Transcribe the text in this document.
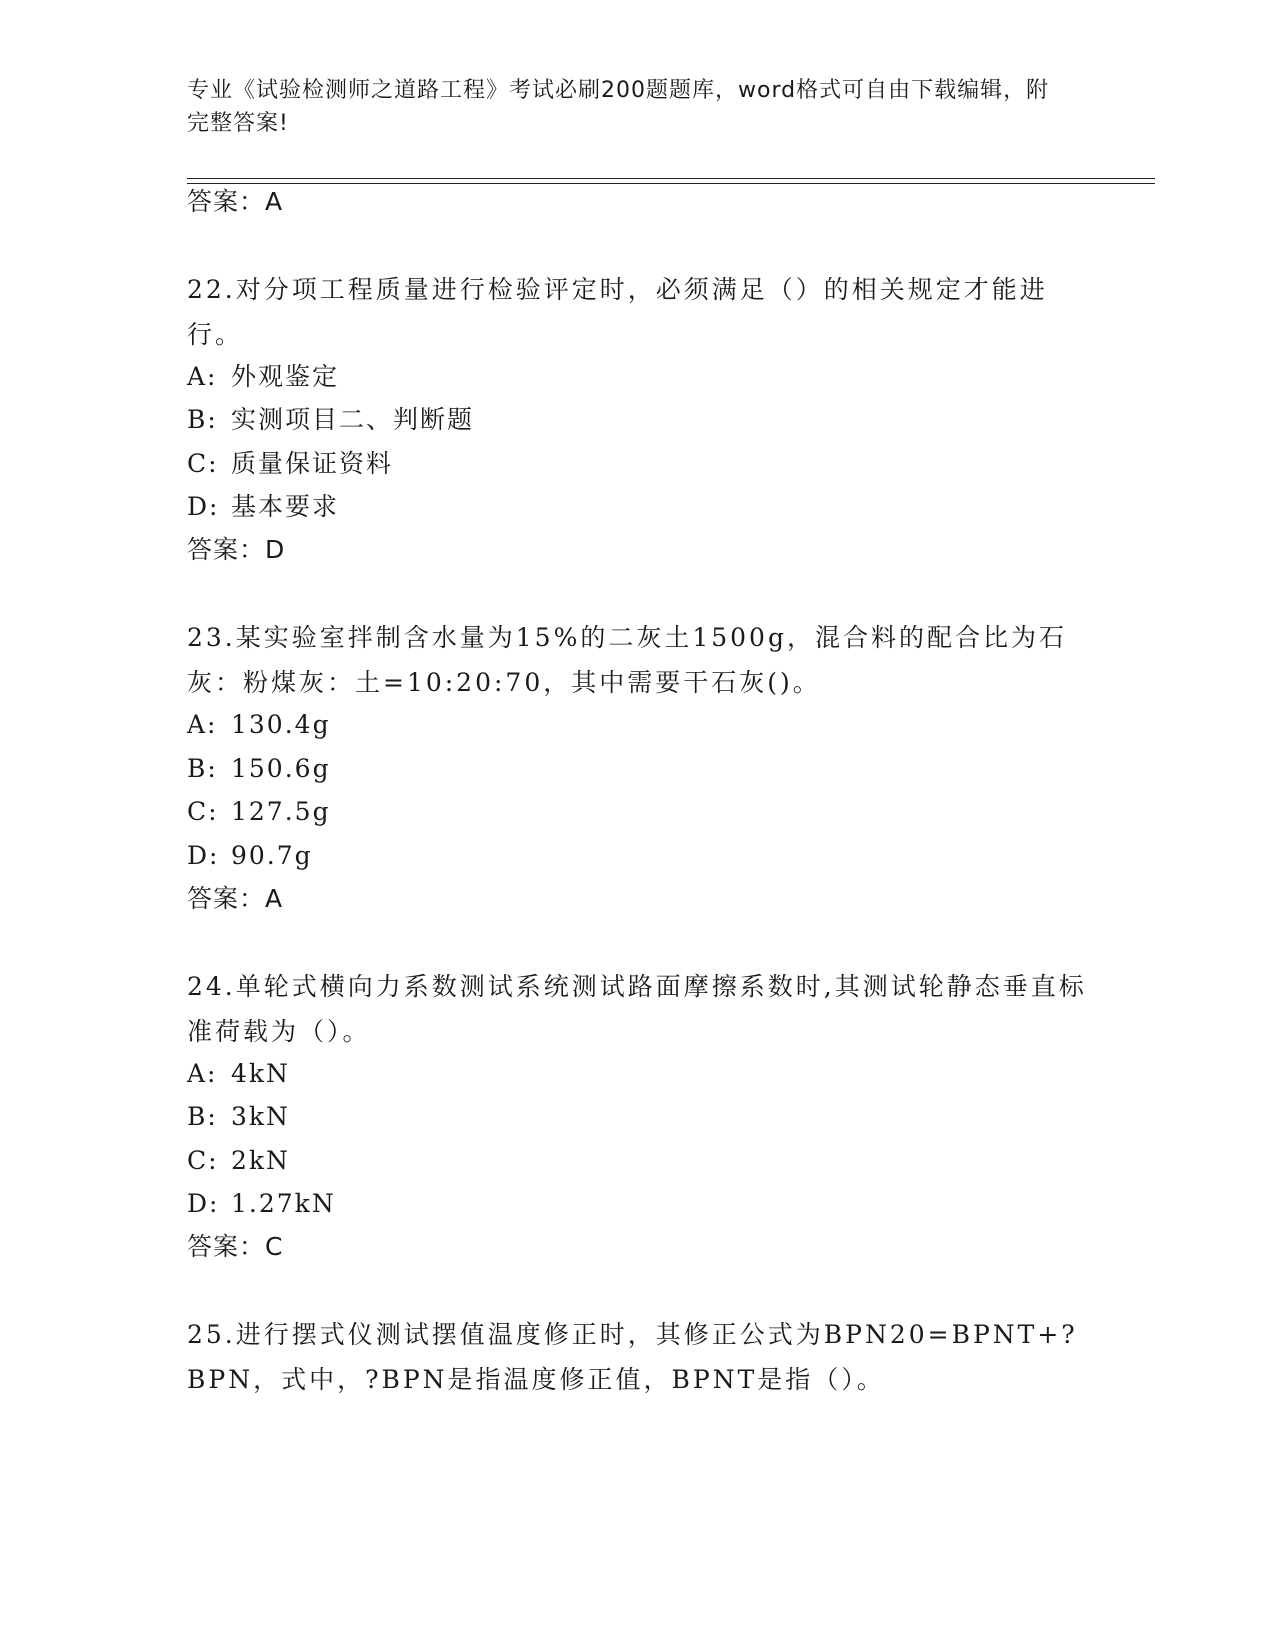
专业《试验检测师之道路工程》考试必刷200题题库，word格式可自由下载编辑，附完整答案!
答案：A
22.对分项工程质量进行检验评定时，必须满足（）的相关规定才能进行。
A: 外观鉴定
B: 实测项目二、判断题
C: 质量保证资料
D: 基本要求
答案：D
23.某实验室拌制含水量为15%的二灰土1500g，混合料的配合比为石灰：粉煤灰：土=10:20:70，其中需要干石灰()。
A: 130.4g
B: 150.6g
C: 127.5g
D: 90.7g
答案：A
24.单轮式横向力系数测试系统测试路面摩擦系数时,其测试轮静态垂直标准荷载为（）。
A: 4kN
B: 3kN
C: 2kN
D: 1.27kN
答案：C
25.进行摆式仪测试摆值温度修正时，其修正公式为BPN20=BPNT+?BPN，式中，?BPN是指温度修正值，BPNT是指（）。
